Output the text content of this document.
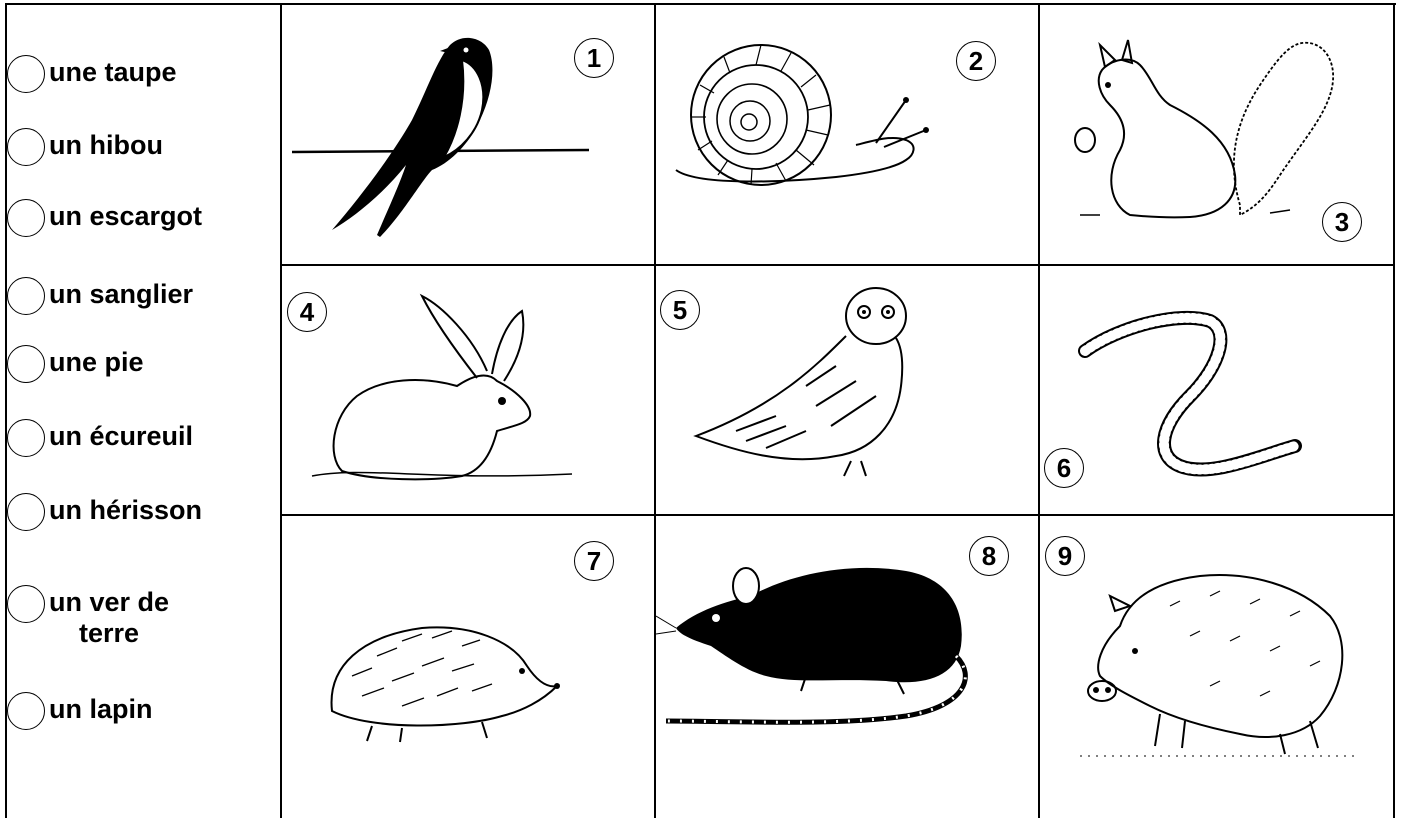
une taupe
un hibou
un escargot
un sanglier
une pie
un écureuil
un hérisson
un ver de
terre
un lapin
1	2
3
4	5
6
7	8	9
